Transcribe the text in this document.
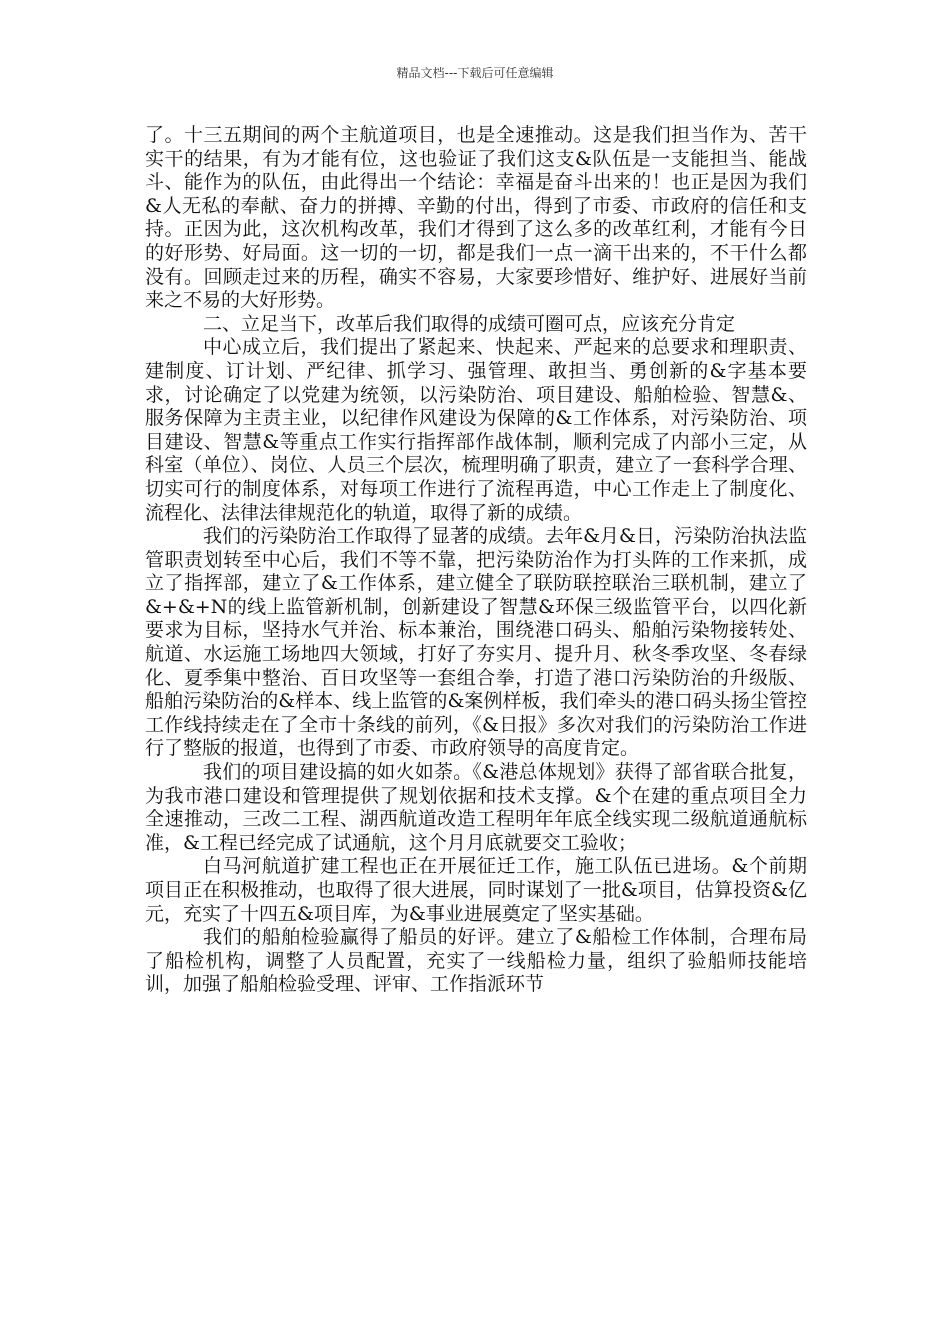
精品文档---下载后可任意编辑

了。十三五期间的两个主航道项目，也是全速推动。这是我们担当作为、苦干实干的结果，有为才能有位，这也验证了我们这支&队伍是一支能担当、能战斗、能作为的队伍，由此得出一个结论：幸福是奋斗出来的！也正是因为我们&人无私的奉献、奋力的拼搏、辛勤的付出，得到了市委、市政府的信任和支持。正因为此，这次机构改革，我们才得到了这么多的改革红利，才能有今日的好形势、好局面。这一切的一切，都是我们一点一滴干出来的，不干什么都没有。回顾走过来的历程，确实不容易，大家要珍惜好、维护好、进展好当前来之不易的大好形势。

二、立足当下，改革后我们取得的成绩可圈可点，应该充分肯定

中心成立后，我们提出了紧起来、快起来、严起来的总要求和理职责、建制度、订计划、严纪律、抓学习、强管理、敢担当、勇创新的&字基本要求，讨论确定了以党建为统领，以污染防治、项目建设、船舶检验、智慧&、服务保障为主责主业，以纪律作风建设为保障的&工作体系，对污染防治、项目建设、智慧&等重点工作实行指挥部作战体制，顺利完成了内部小三定，从科室（单位）、岗位、人员三个层次，梳理明确了职责，建立了一套科学合理、切实可行的制度体系，对每项工作进行了流程再造，中心工作走上了制度化、流程化、法律法律规范化的轨道，取得了新的成绩。

我们的污染防治工作取得了显著的成绩。去年&月&日，污染防治执法监管职责划转至中心后，我们不等不靠，把污染防治作为打头阵的工作来抓，成立了指挥部，建立了&工作体系，建立健全了联防联控联治三联机制，建立了&+&+N的线上监管新机制，创新建设了智慧&环保三级监管平台，以四化新要求为目标，坚持水气并治、标本兼治，围绕港口码头、船舶污染物接转处、航道、水运施工场地四大领域，打好了夯实月、提升月、秋冬季攻坚、冬春绿化、夏季集中整治、百日攻坚等一套组合拳，打造了港口污染防治的升级版、船舶污染防治的&样本、线上监管的&案例样板，我们牵头的港口码头扬尘管控工作线持续走在了全市十条线的前列，《&日报》多次对我们的污染防治工作进行了整版的报道，也得到了市委、市政府领导的高度肯定。

我们的项目建设搞的如火如荼。《&港总体规划》获得了部省联合批复，为我市港口建设和管理提供了规划依据和技术支撑。&个在建的重点项目全力全速推动，三改二工程、湖西航道改造工程明年年底全线实现二级航道通航标准，&工程已经完成了试通航，这个月月底就要交工验收；

白马河航道扩建工程也正在开展征迁工作，施工队伍已进场。&个前期项目正在积极推动，也取得了很大进展，同时谋划了一批&项目，估算投资&亿元，充实了十四五&项目库，为&事业进展奠定了坚实基础。

我们的船舶检验赢得了船员的好评。建立了&船检工作体制，合理布局了船检机构，调整了人员配置，充实了一线船检力量，组织了验船师技能培训，加强了船舶检验受理、评审、工作指派环节
